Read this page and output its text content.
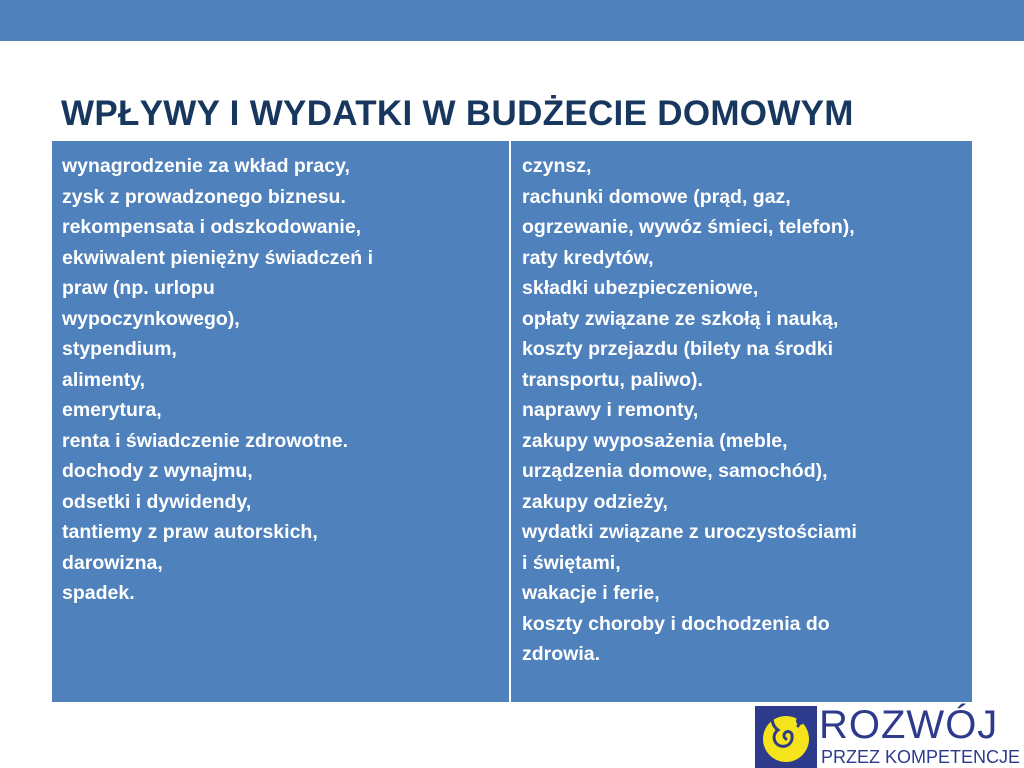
WPŁYWY I WYDATKI W BUDŻECIE DOMOWYM
wynagrodzenie za wkład pracy,
zysk z prowadzonego biznesu.
rekompensata i odszkodowanie,
ekwiwalent pieniężny świadczeń i
praw (np. urlopu
wypoczynkowego),
stypendium,
alimenty,
emerytura,
renta i świadczenie zdrowotne.
dochody z wynajmu,
odsetki i dywidendy,
tantiemy z praw autorskich,
darowizna,
spadek.
czynsz,
rachunki domowe (prąd, gaz,
ogrzewanie, wywóz śmieci, telefon),
raty kredytów,
składki ubezpieczeniowe,
opłaty związane ze szkołą i nauką,
koszty przejazdu (bilety na środki
transportu, paliwo).
naprawy i remonty,
zakupy wyposażenia (meble,
urządzenia domowe, samochód),
zakupy odzieży,
wydatki związane z uroczystościami
i świętami,
wakacje i ferie,
koszty choroby i dochodzenia do
zdrowia.
ROZWÓJ
PRZEZ KOMPETENCJE
